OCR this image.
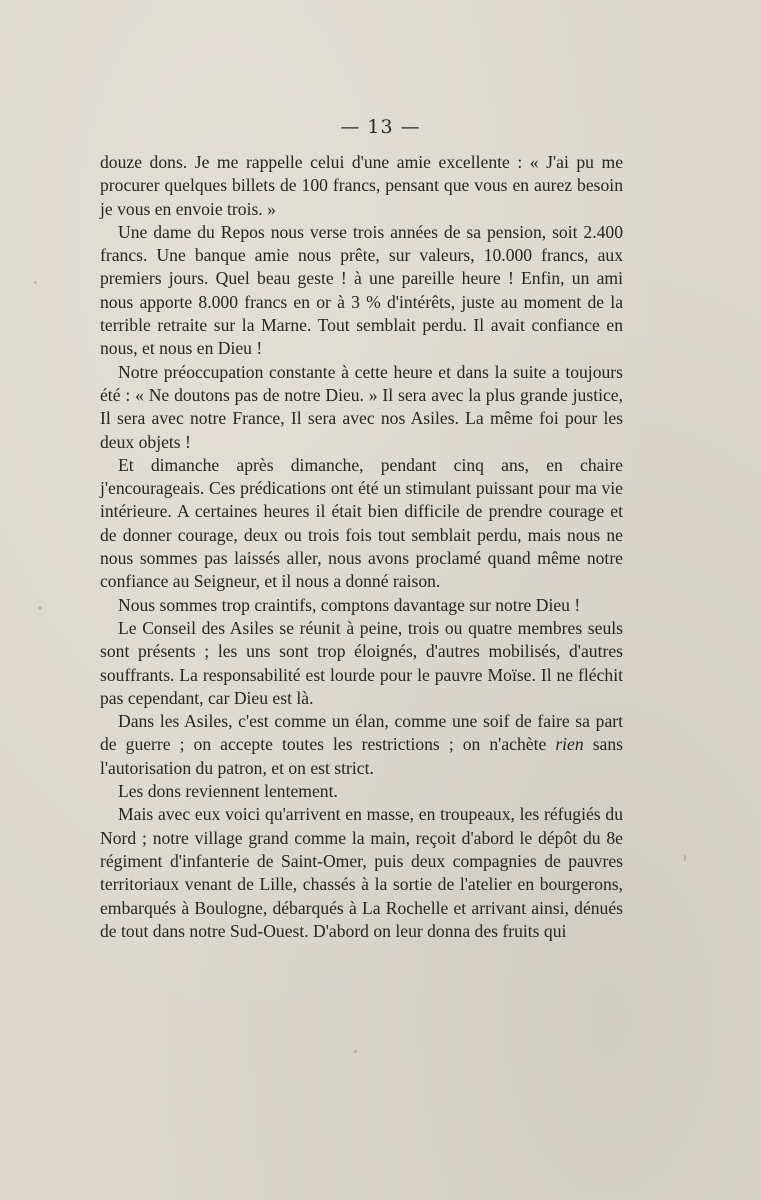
— 13 —

douze dons. Je me rappelle celui d'une amie excellente : « J'ai pu me procurer quelques billets de 100 francs, pensant que vous en aurez besoin je vous en envoie trois. »

Une dame du Repos nous verse trois années de sa pension, soit 2.400 francs. Une banque amie nous prête, sur valeurs, 10.000 francs, aux premiers jours. Quel beau geste ! à une pareille heure ! Enfin, un ami nous apporte 8.000 francs en or à 3 % d'intérêts, juste au moment de la terrible retraite sur la Marne. Tout semblait perdu. Il avait confiance en nous, et nous en Dieu !

Notre préoccupation constante à cette heure et dans la suite a toujours été : « Ne doutons pas de notre Dieu. » Il sera avec la plus grande justice, Il sera avec notre France, Il sera avec nos Asiles. La même foi pour les deux objets !

Et dimanche après dimanche, pendant cinq ans, en chaire j'encourageais. Ces prédications ont été un stimulant puissant pour ma vie intérieure. A certaines heures il était bien difficile de prendre courage et de donner courage, deux ou trois fois tout semblait perdu, mais nous ne nous sommes pas laissés aller, nous avons proclamé quand même notre confiance au Seigneur, et il nous a donné raison.

Nous sommes trop craintifs, comptons davantage sur notre Dieu !

Le Conseil des Asiles se réunit à peine, trois ou quatre membres seuls sont présents ; les uns sont trop éloignés, d'autres mobilisés, d'autres souffrants. La responsabilité est lourde pour le pauvre Moïse. Il ne fléchit pas cependant, car Dieu est là.

Dans les Asiles, c'est comme un élan, comme une soif de faire sa part de guerre ; on accepte toutes les restrictions ; on n'achète rien sans l'autorisation du patron, et on est strict.

Les dons reviennent lentement.

Mais avec eux voici qu'arrivent en masse, en troupeaux, les réfugiés du Nord ; notre village grand comme la main, reçoit d'abord le dépôt du 8e régiment d'infanterie de Saint-Omer, puis deux compagnies de pauvres territoriaux venant de Lille, chassés à la sortie de l'atelier en bourgerons, embarqués à Boulogne, débarqués à La Rochelle et arrivant ainsi, dénués de tout dans notre Sud-Ouest. D'abord on leur donna des fruits qui
